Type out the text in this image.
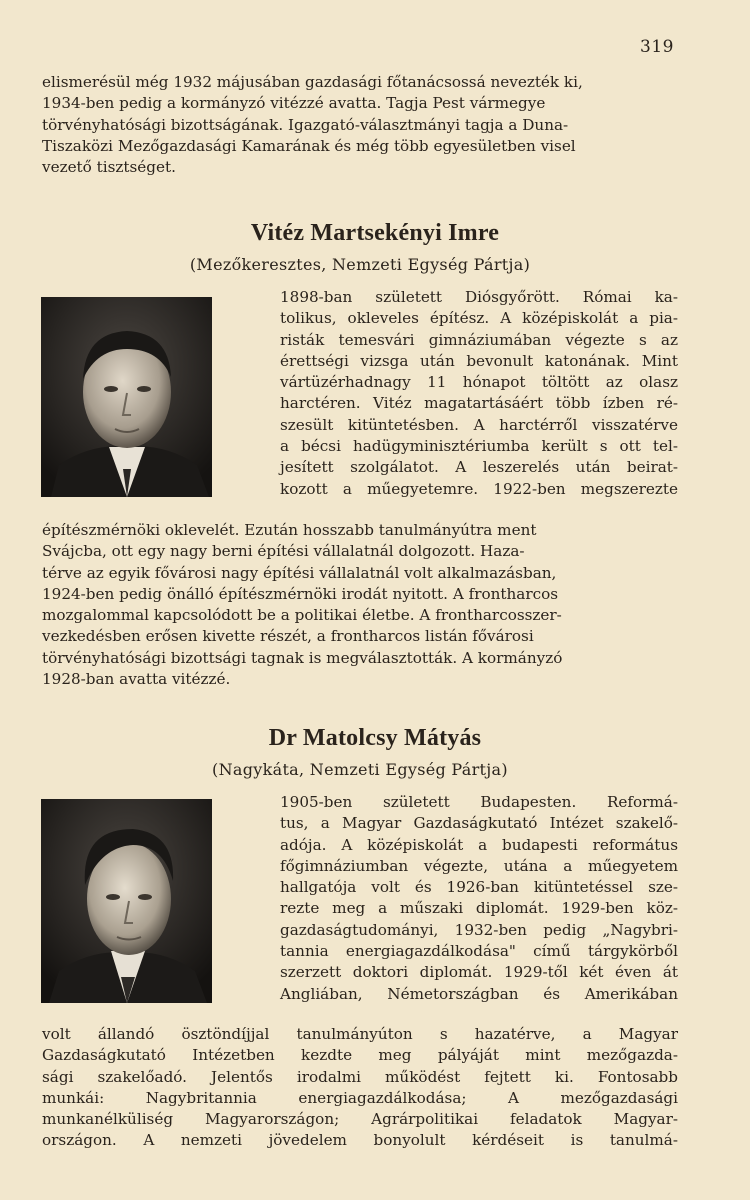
319
elismerésül még 1932 májusában gazdasági főtanácsossá nevezték ki,
1934-ben pedig a kormányzó vitézzé avatta. Tagja Pest vármegye
törvényhatósági bizottságának. Igazgató-választmányi tagja a Duna-
Tiszaközi Mezőgazdasági Kamarának és még több egyesületben visel
vezető tisztséget.
Vitéz Martsekényi Imre
(Mezőkeresztes, Nemzeti Egység Pártja)
1898-ban született Diósgyőrött. Római ka-
tolikus, okleveles építész. A középiskolát a pia-
risták temesvári gimnáziumában végezte s az
érettségi vizsga után bevonult katonának. Mint
vártüzérhadnagy 11 hónapot töltött az olasz
harctéren. Vitéz magatartásáért több ízben ré-
szesült kitüntetésben. A harctérről visszatérve
a bécsi hadügyminisztériumba került s ott tel-
jesített szolgálatot. A leszerelés után beirat-
kozott a műegyetemre. 1922-ben megszerezte
építészmérnöki oklevelét. Ezután hosszabb tanulmányútra ment
Svájcba, ott egy nagy berni építési vállalatnál dolgozott. Haza-
térve az egyik fővárosi nagy építési vállalatnál volt alkalmazásban,
1924-ben pedig önálló építészmérnöki irodát nyitott. A frontharcos
mozgalommal kapcsolódott be a politikai életbe. A frontharcosszer-
vezkedésben erősen kivette részét, a frontharcos listán fővárosi
törvényhatósági bizottsági tagnak is megválasztották. A kormányzó
1928-ban avatta vitézzé.
Dr Matolcsy Mátyás
(Nagykáta, Nemzeti Egység Pártja)
1905-ben született Budapesten. Reformá-
tus, a Magyar Gazdaságkutató Intézet szakelő-
adója. A középiskolát a budapesti református
főgimnáziumban végezte, utána a műegyetem
hallgatója volt és 1926-ban kitüntetéssel sze-
rezte meg a műszaki diplomát. 1929-ben köz-
gazdaságtudományi, 1932-ben pedig „Nagybri-
tannia energiagazdálkodása" című tárgykörből
szerzett doktori diplomát. 1929-től két éven át
Angliában, Németországban és Amerikában
volt állandó ösztöndíjjal tanulmányúton s hazatérve, a Magyar
Gazdaságkutató Intézetben kezdte meg pályáját mint mezőgazda-
sági szakelőadó. Jelentős irodalmi működést fejtett ki. Fontosabb
munkái: Nagybritannia energiagazdálkodása; A mezőgazdasági
munkanélküliség Magyarországon; Agrárpolitikai feladatok Magyar-
országon. A nemzeti jövedelem bonyolult kérdéseit is tanulmá-
